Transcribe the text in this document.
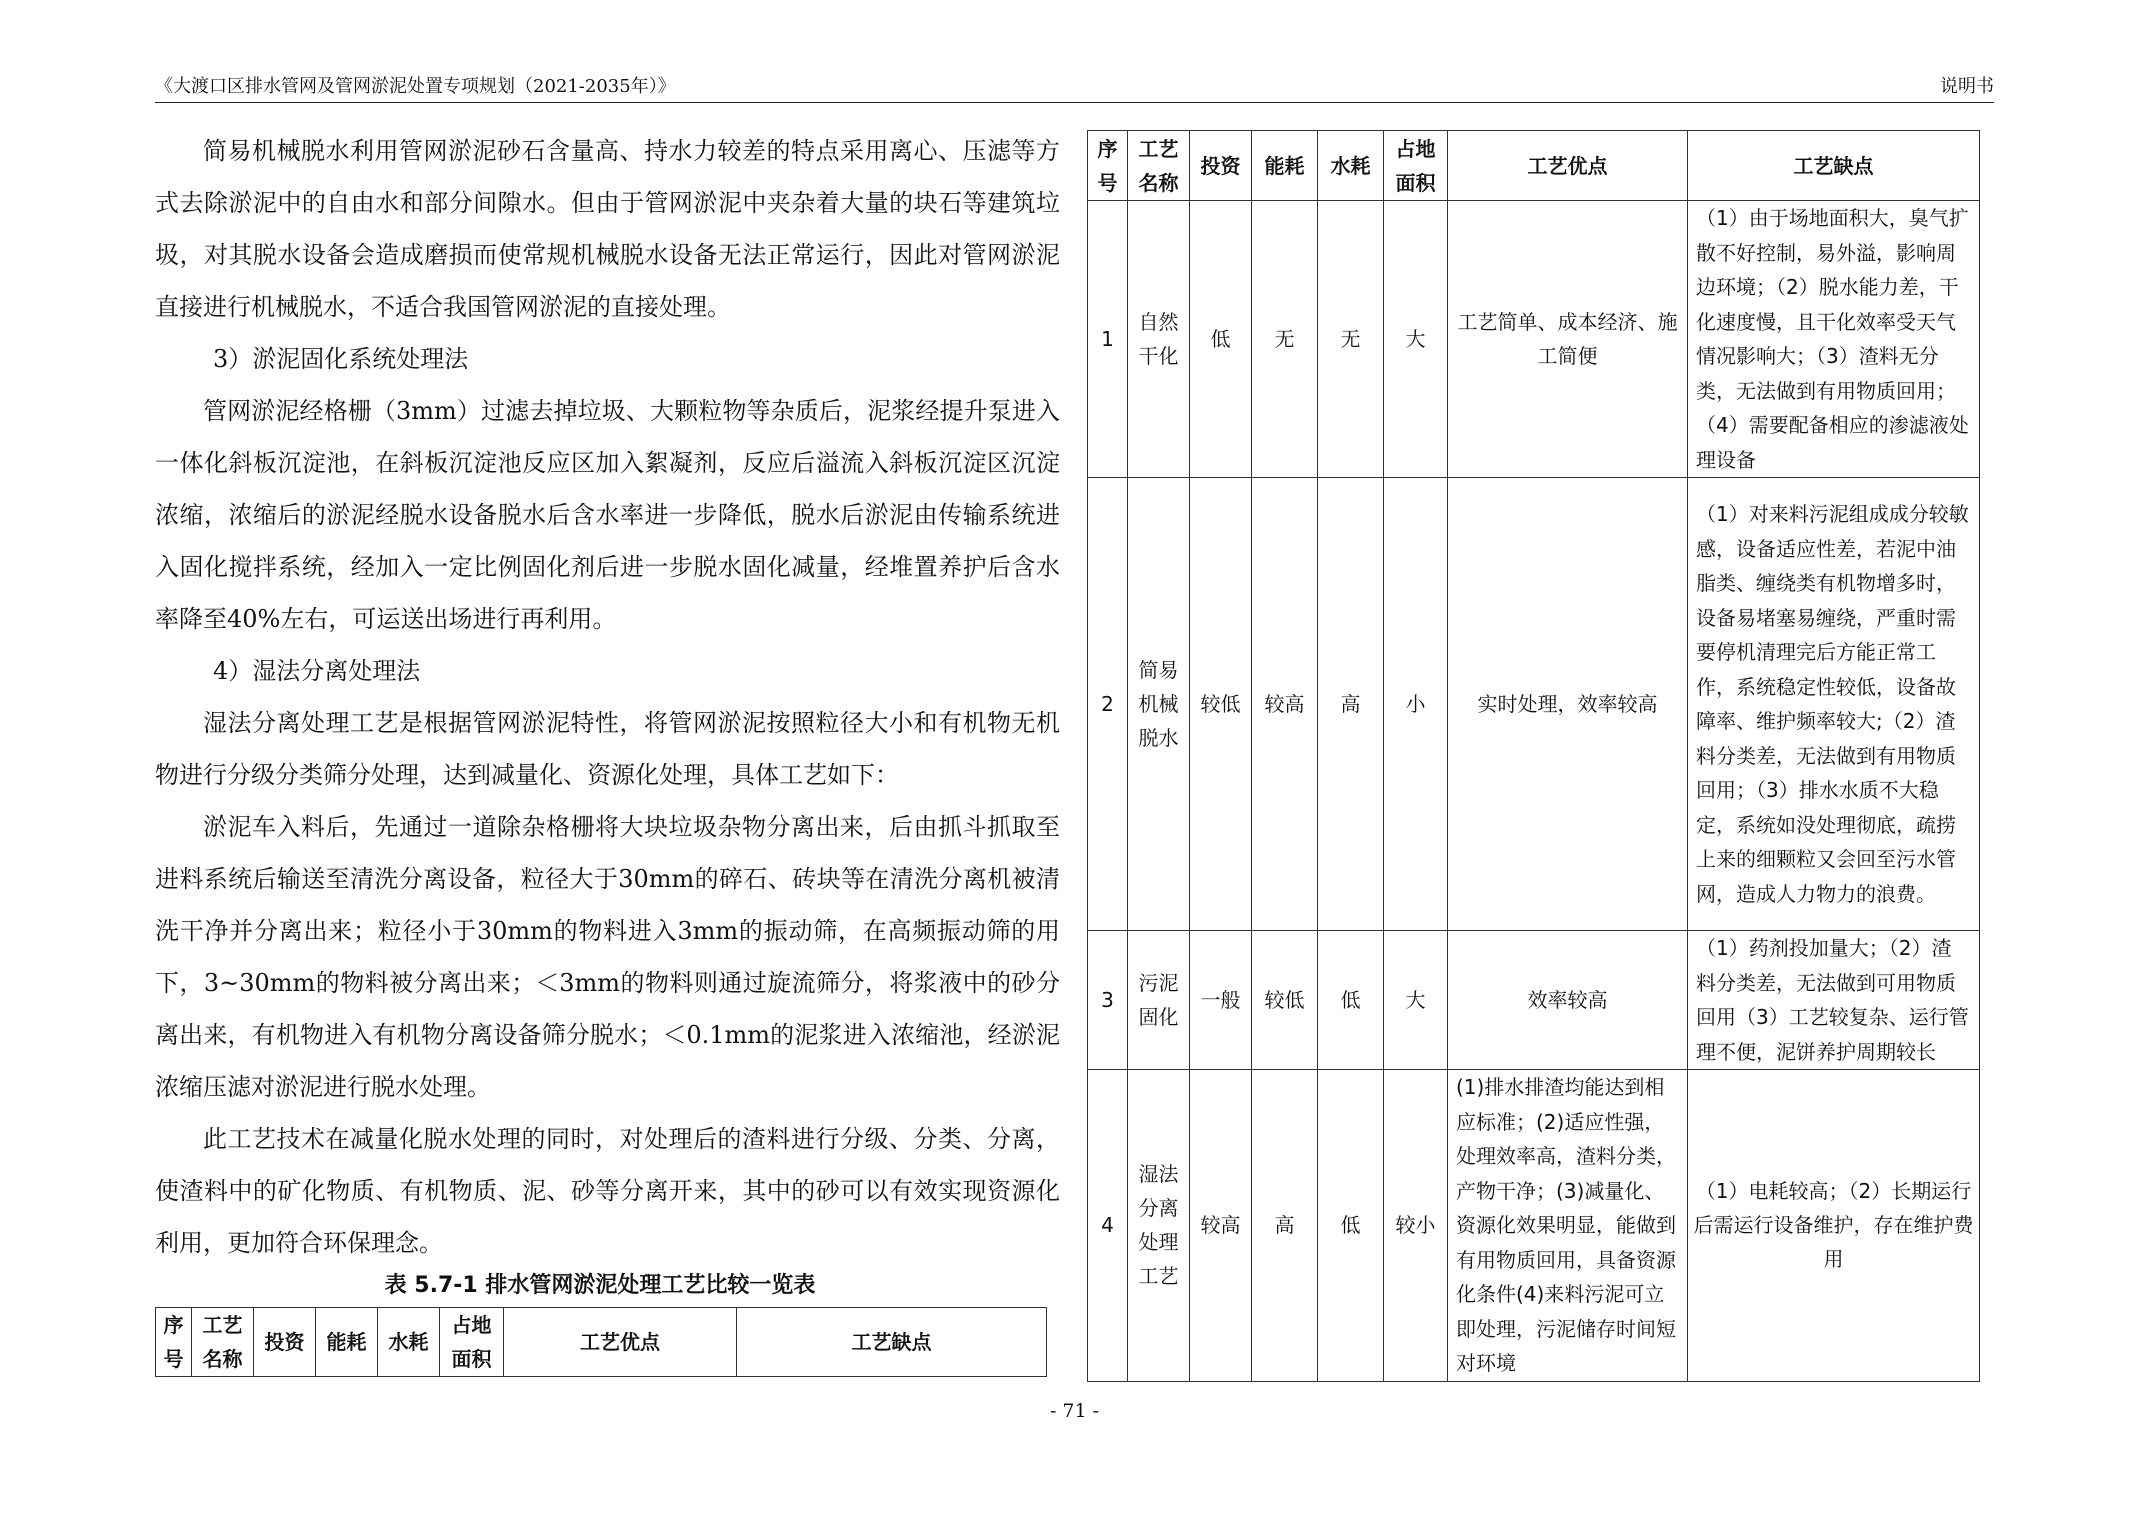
《大渡口区排水管网及管网淤泥处置专项规划（2021-2035年）》	说明书

简易机械脱水利用管网淤泥砂石含量高、持水力较差的特点采用离心、压滤等方式去除淤泥中的自由水和部分间隙水。但由于管网淤泥中夹杂着大量的块石等建筑垃圾，对其脱水设备会造成磨损而使常规机械脱水设备无法正常运行，因此对管网淤泥直接进行机械脱水，不适合我国管网淤泥的直接处理。

3）淤泥固化系统处理法

管网淤泥经格栅（3mm）过滤去掉垃圾、大颗粒物等杂质后，泥浆经提升泵进入一体化斜板沉淀池，在斜板沉淀池反应区加入絮凝剂，反应后溢流入斜板沉淀区沉淀浓缩，浓缩后的淤泥经脱水设备脱水后含水率进一步降低，脱水后淤泥由传输系统进入固化搅拌系统，经加入一定比例固化剂后进一步脱水固化减量，经堆置养护后含水率降至40%左右，可运送出场进行再利用。

4）湿法分离处理法

湿法分离处理工艺是根据管网淤泥特性，将管网淤泥按照粒径大小和有机物无机物进行分级分类筛分处理，达到减量化、资源化处理，具体工艺如下：

淤泥车入料后，先通过一道除杂格栅将大块垃圾杂物分离出来，后由抓斗抓取至进料系统后输送至清洗分离设备，粒径大于30mm的碎石、砖块等在清洗分离机被清洗干净并分离出来；粒径小于30mm的物料进入3mm的振动筛，在高频振动筛的用下，3~30mm的物料被分离出来；＜3mm的物料则通过旋流筛分，将浆液中的砂分离出来，有机物进入有机物分离设备筛分脱水；＜0.1mm的泥浆进入浓缩池，经淤泥浓缩压滤对淤泥进行脱水处理。

此工艺技术在减量化脱水处理的同时，对处理后的渣料进行分级、分类、分离，使渣料中的矿化物质、有机物质、泥、砂等分离开来，其中的砂可以有效实现资源化利用，更加符合环保理念。

表 5.7-1 排水管网淤泥处理工艺比较一览表
序号	工艺名称	投资	能耗	水耗	占地面积	工艺优点	工艺缺点
序号	工艺名称	投资	能耗	水耗	占地面积	工艺优点	工艺缺点
1	自然干化	低	无	无	大	工艺简单、成本经济、施工简便	（1）由于场地面积大，臭气扩散不好控制，易外溢，影响周边环境；（2）脱水能力差，干化速度慢，且干化效率受天气情况影响大；（3）渣料无分类，无法做到有用物质回用；（4）需要配备相应的渗滤液处理设备
2	简易机械脱水	较低	较高	高	小	实时处理，效率较高	（1）对来料污泥组成成分较敏感，设备适应性差，若泥中油脂类、缠绕类有机物增多时，设备易堵塞易缠绕，严重时需要停机清理完后方能正常工作，系统稳定性较低，设备故障率、维护频率较大;（2）渣料分类差，无法做到有用物质回用；（3）排水水质不大稳定，系统如没处理彻底，疏捞上来的细颗粒又会回至污水管网，造成人力物力的浪费。
3	污泥固化	一般	较低	低	大	效率较高	（1）药剂投加量大；（2）渣料分类差，无法做到可用物质回用（3）工艺较复杂、运行管理不便，泥饼养护周期较长
4	湿法分离处理工艺	较高	高	低	较小	(1)排水排渣均能达到相应标准；(2)适应性强，处理效率高，渣料分类，产物干净；(3)减量化、资源化效果明显，能做到有用物质回用，具备资源化条件(4)来料污泥可立即处理，污泥储存时间短对环境	（1）电耗较高；（2）长期运行后需运行设备维护，存在维护费用
- 71 -
